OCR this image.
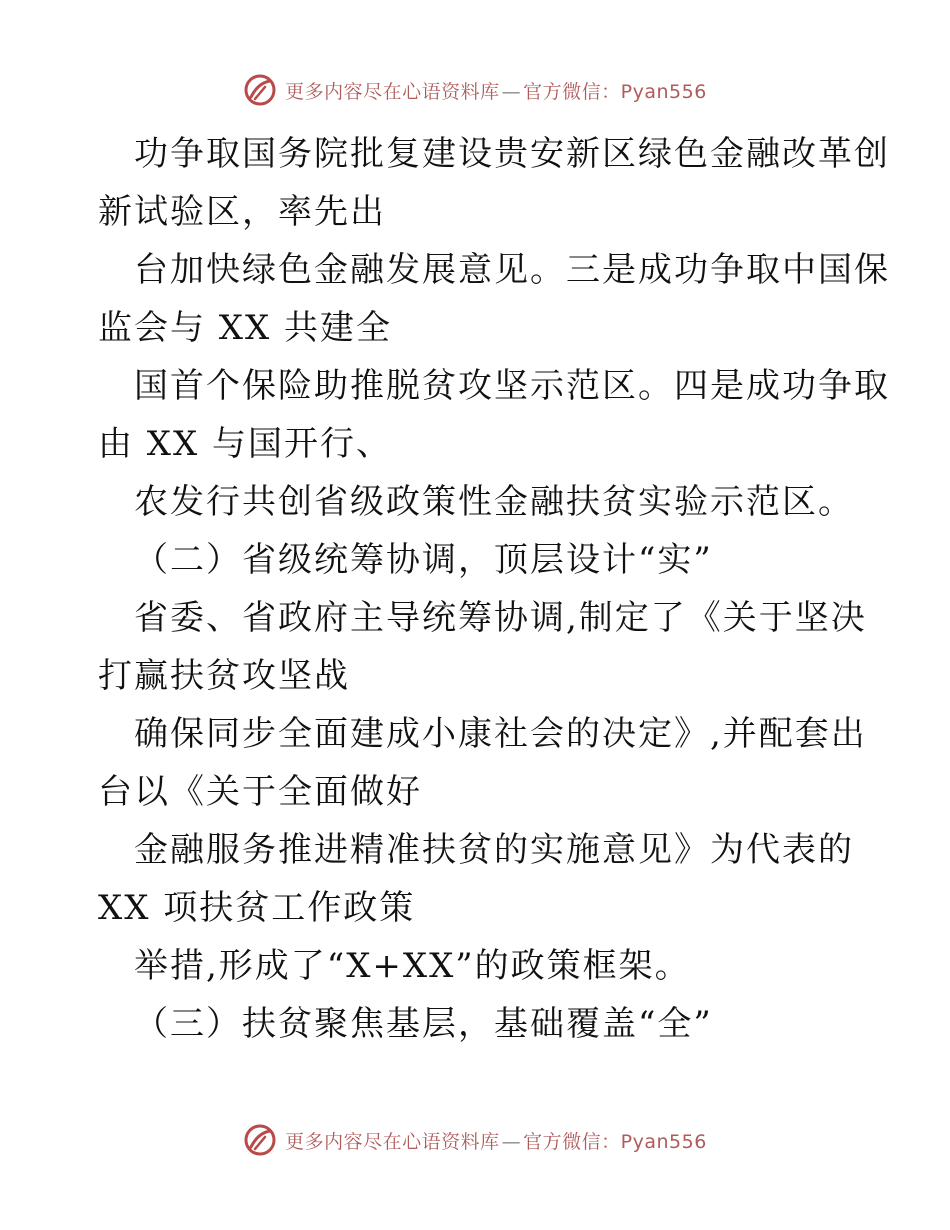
更多内容尽在心语资料库 — 官方微信：Pyan556
功争取国务院批复建设贵安新区绿色金融改革创
新试验区，率先出
台加快绿色金融发展意见。三是成功争取中国保
监会与 XX 共建全
国首个保险助推脱贫攻坚示范区。四是成功争取
由 XX 与国开行、
农发行共创省级政策性金融扶贫实验示范区。
（二）省级统筹协调，顶层设计“实”
省委、省政府主导统筹协调,制定了《关于坚决
打赢扶贫攻坚战
确保同步全面建成小康社会的决定》,并配套出
台以《关于全面做好
金融服务推进精准扶贫的实施意见》为代表的
XX 项扶贫工作政策
举措,形成了“X+XX”的政策框架。
（三）扶贫聚焦基层，基础覆盖“全”
更多内容尽在心语资料库 — 官方微信：Pyan556
